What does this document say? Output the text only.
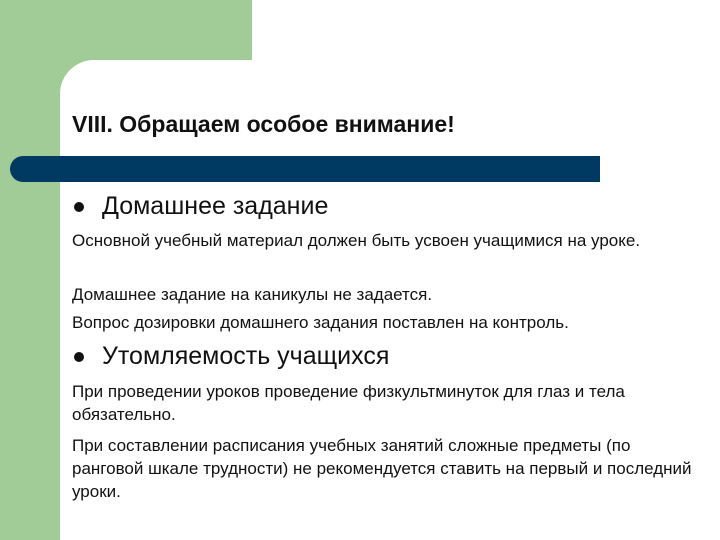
VIII. Обращаем особое внимание!
Домашнее задание

Основной учебный материал должен быть усвоен учащимися на уроке.

Домашнее задание на каникулы не задается.

Вопрос дозировки домашнего задания поставлен на контроль.

Утомляемость учащихся

При проведении уроков проведение физкультминуток для глаз и тела обязательно.

При составлении расписания учебных занятий сложные предметы (по ранговой шкале трудности) не рекомендуется ставить на первый и последний уроки.
